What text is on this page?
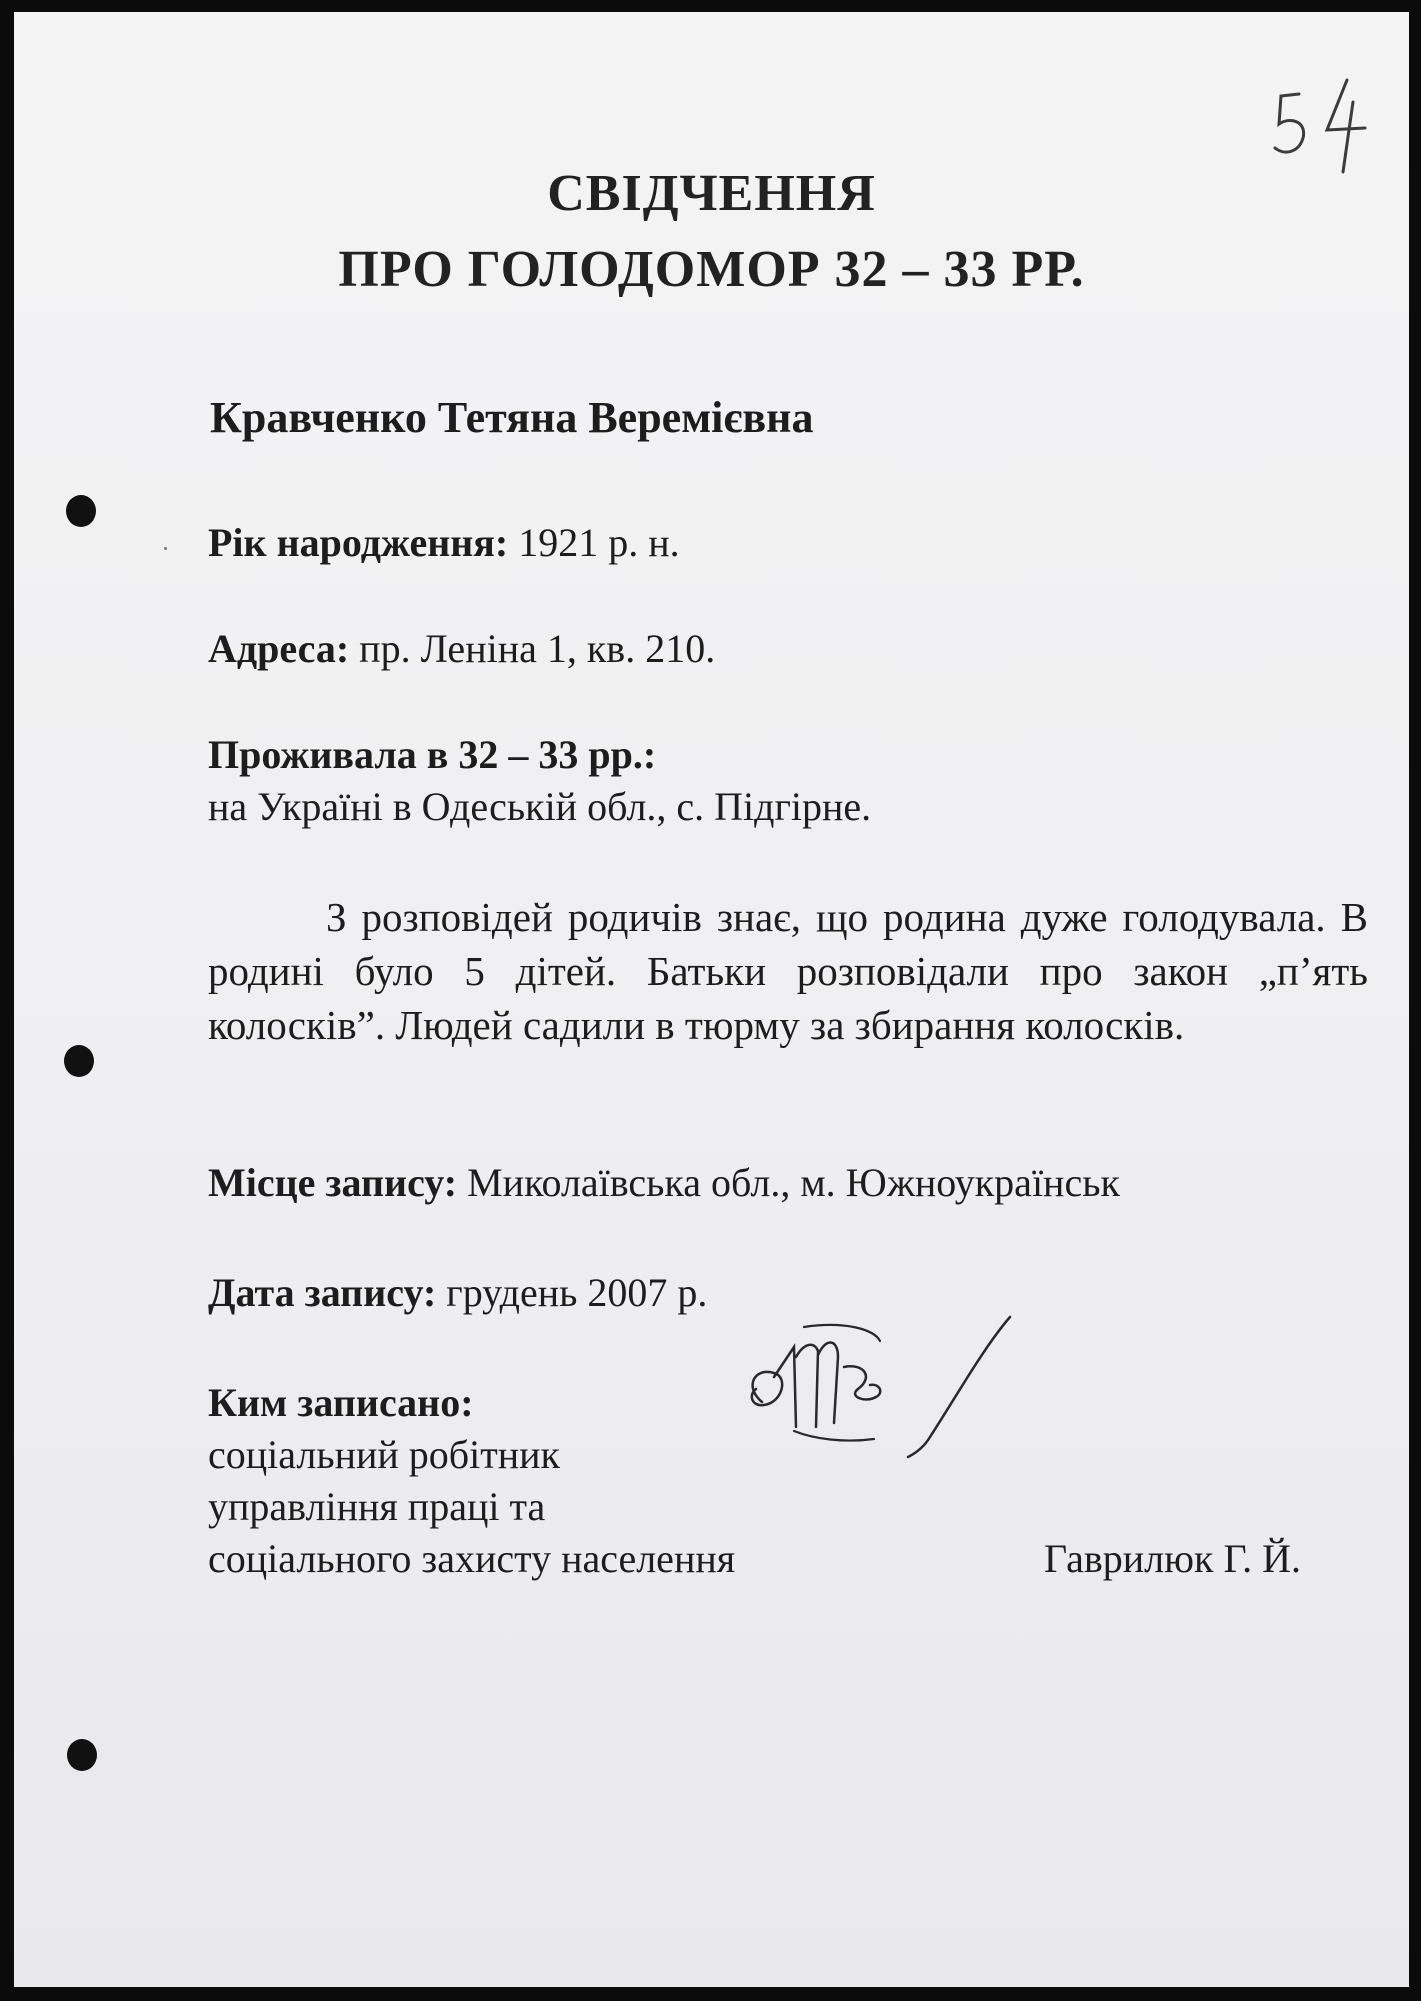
СВІДЧЕННЯ
ПРО ГОЛОДОМОР 32 – 33 РР.
Кравченко Тетяна Веремієвна
Рік народження: 1921 р. н.
Адреса: пр. Леніна 1, кв. 210.
Проживала в 32 – 33 рр.:
на Україні в Одеській обл., с. Підгірне.
З розповідей родичів знає, що родина дуже голодувала. В родині було 5 дітей. Батьки розповідали про закон „п’ять колосків”. Людей садили в тюрму за збирання колосків.
Місце запису: Миколаївська обл., м. Южноукраїнськ
Дата запису: грудень 2007 р.
Ким записано:
соціальний робітник
управління праці та
соціального захисту населення	Гаврилюк Г. Й.
